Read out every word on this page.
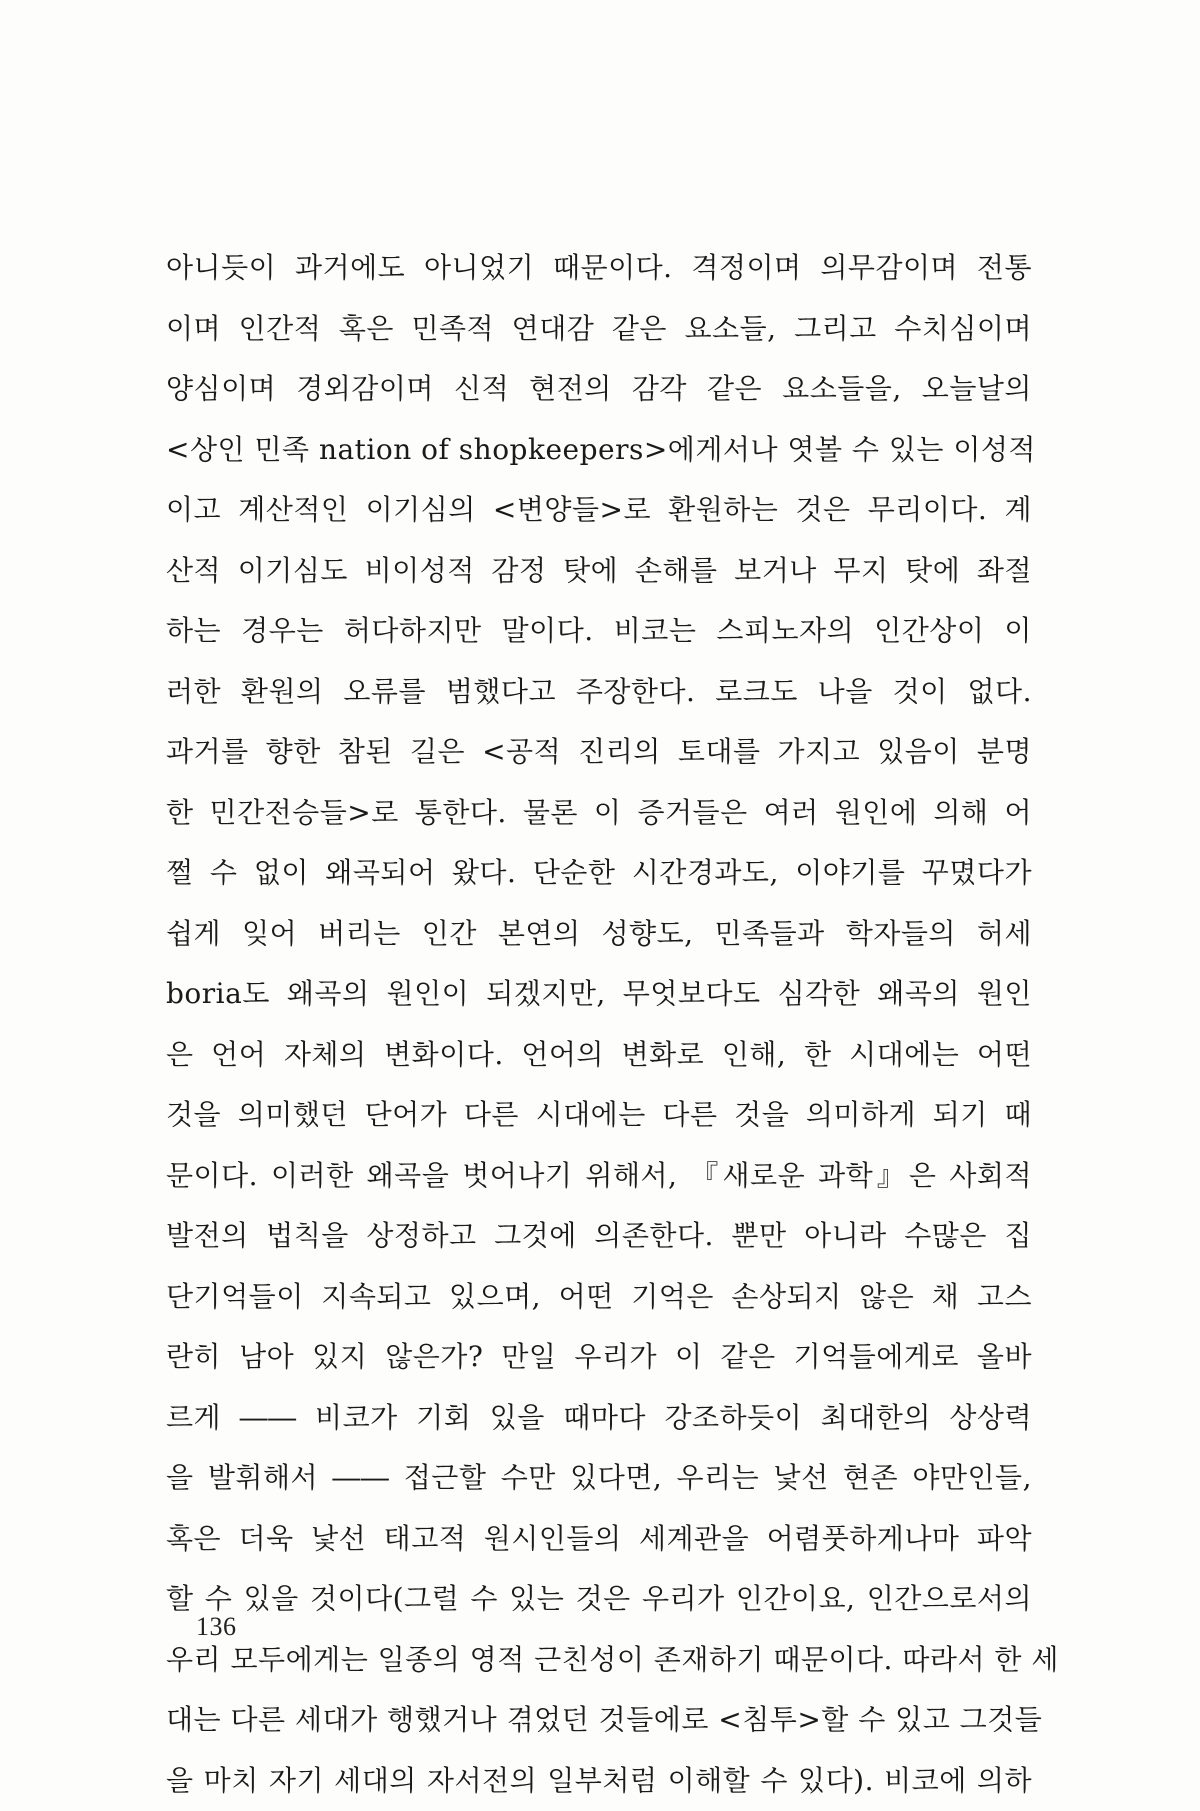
아니듯이 과거에도 아니었기 때문이다. 격정이며 의무감이며 전통
이며 인간적 혹은 민족적 연대감 같은 요소들, 그리고 수치심이며
양심이며 경외감이며 신적 현전의 감각 같은 요소들을, 오늘날의
<상인 민족 nation of shopkeepers>에게서나 엿볼 수 있는 이성적
이고 계산적인 이기심의 <변양들>로 환원하는 것은 무리이다. 계
산적 이기심도 비이성적 감정 탓에 손해를 보거나 무지 탓에 좌절
하는 경우는 허다하지만 말이다. 비코는 스피노자의 인간상이 이
러한 환원의 오류를 범했다고 주장한다. 로크도 나을 것이 없다.
과거를 향한 참된 길은 <공적 진리의 토대를 가지고 있음이 분명
한 민간전승들>로 통한다. 물론 이 증거들은 여러 원인에 의해 어
쩔 수 없이 왜곡되어 왔다. 단순한 시간경과도, 이야기를 꾸몄다가
쉽게 잊어 버리는 인간 본연의 성향도, 민족들과 학자들의 허세
boria도 왜곡의 원인이 되겠지만, 무엇보다도 심각한 왜곡의 원인
은 언어 자체의 변화이다. 언어의 변화로 인해, 한 시대에는 어떤
것을 의미했던 단어가 다른 시대에는 다른 것을 의미하게 되기 때
문이다. 이러한 왜곡을 벗어나기 위해서, 『새로운 과학』은 사회적
발전의 법칙을 상정하고 그것에 의존한다. 뿐만 아니라 수많은 집
단기억들이 지속되고 있으며, 어떤 기억은 손상되지 않은 채 고스
란히 남아 있지 않은가? 만일 우리가 이 같은 기억들에게로 올바
르게 ―― 비코가 기회 있을 때마다 강조하듯이 최대한의 상상력
을 발휘해서 ―― 접근할 수만 있다면, 우리는 낯선 현존 야만인들,
혹은 더욱 낯선 태고적 원시인들의 세계관을 어렴풋하게나마 파악
할 수 있을 것이다(그럴 수 있는 것은 우리가 인간이요, 인간으로서의
우리 모두에게는 일종의 영적 근친성이 존재하기 때문이다. 따라서 한 세
대는 다른 세대가 행했거나 겪었던 것들에로 <침투>할 수 있고 그것들
을 마치 자기 세대의 자서전의 일부처럼 이해할 수 있다). 비코에 의하
136
